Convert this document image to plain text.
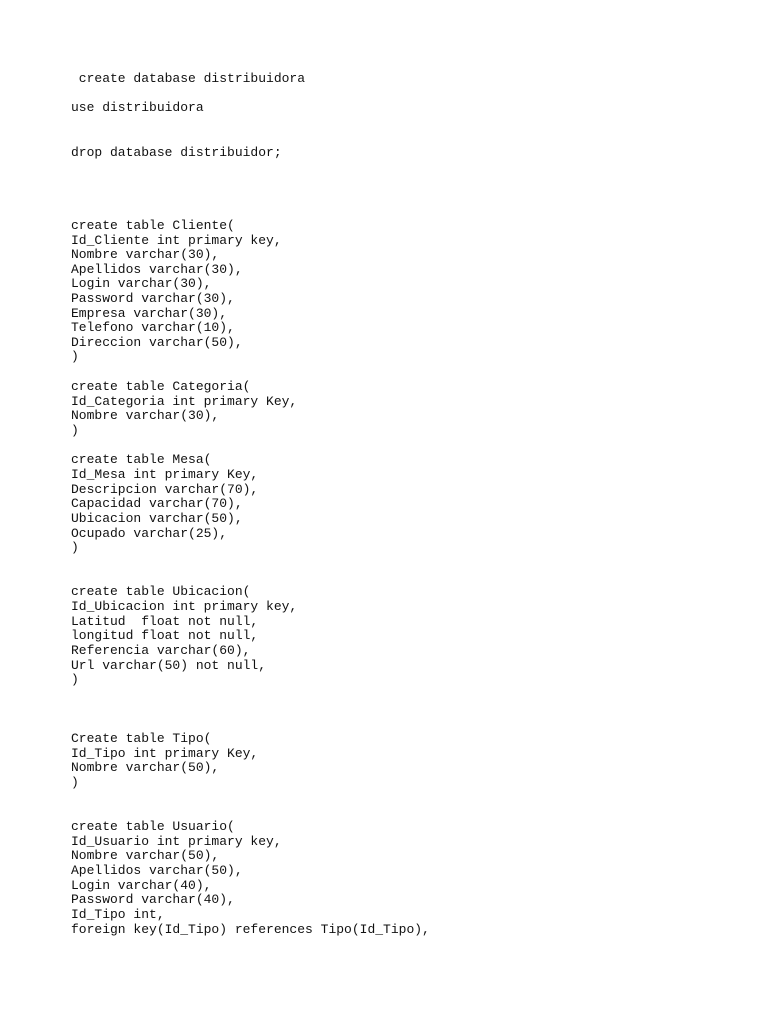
create database distribuidora
use distribuidora
drop database distribuidor;
create table Cliente(
Id_Cliente int primary key,
Nombre varchar(30),
Apellidos varchar(30),
Login varchar(30),
Password varchar(30),
Empresa varchar(30),
Telefono varchar(10),
Direccion varchar(50),
)
create table Categoria(
Id_Categoria int primary Key,
Nombre varchar(30),
)
create table Mesa(
Id_Mesa int primary Key,
Descripcion varchar(70),
Capacidad varchar(70),
Ubicacion varchar(50),
Ocupado varchar(25),
)
create table Ubicacion(
Id_Ubicacion int primary key,
Latitud  float not null,
longitud float not null,
Referencia varchar(60),
Url varchar(50) not null,
)
Create table Tipo(
Id_Tipo int primary Key,
Nombre varchar(50),
)
create table Usuario(
Id_Usuario int primary key,
Nombre varchar(50),
Apellidos varchar(50),
Login varchar(40),
Password varchar(40),
Id_Tipo int,
foreign key(Id_Tipo) references Tipo(Id_Tipo),
